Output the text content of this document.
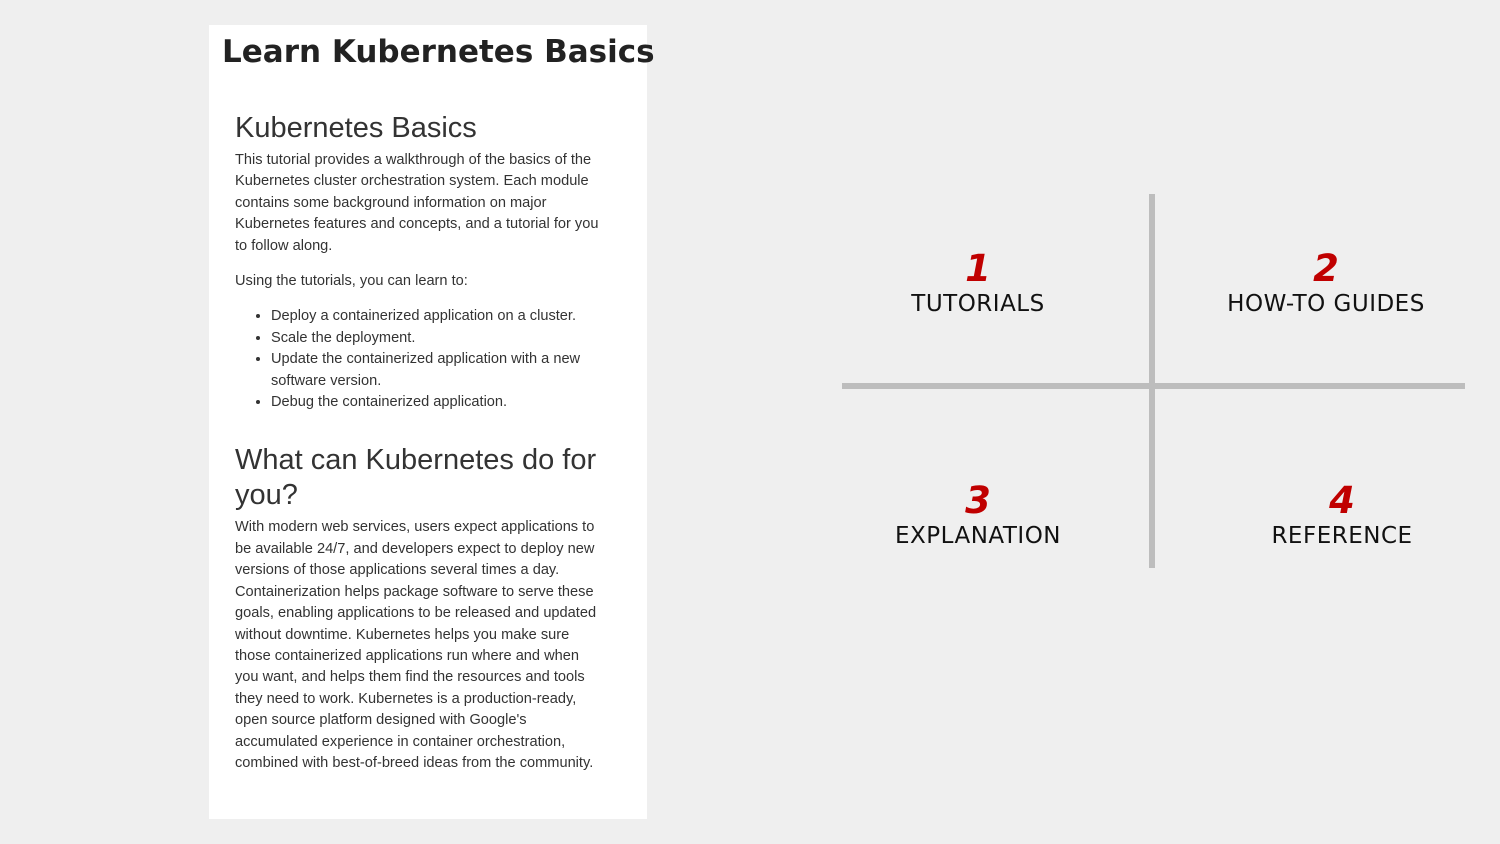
Learn Kubernetes Basics
Kubernetes Basics

This tutorial provides a walkthrough of the basics of the Kubernetes cluster orchestration system. Each module contains some background information on major Kubernetes features and concepts, and a tutorial for you to follow along.

Using the tutorials, you can learn to:

• Deploy a containerized application on a cluster.
• Scale the deployment.
• Update the containerized application with a new software version.
• Debug the containerized application.
What can Kubernetes do for you?

With modern web services, users expect applications to be available 24/7, and developers expect to deploy new versions of those applications several times a day. Containerization helps package software to serve these goals, enabling applications to be released and updated without downtime. Kubernetes helps you make sure those containerized applications run where and when you want, and helps them find the resources and tools they need to work. Kubernetes is a production-ready, open source platform designed with Google's accumulated experience in container orchestration, combined with best-of-breed ideas from the community.

1
TUTORIALS
2
HOW-TO GUIDES
3
EXPLANATION
4
REFERENCE
